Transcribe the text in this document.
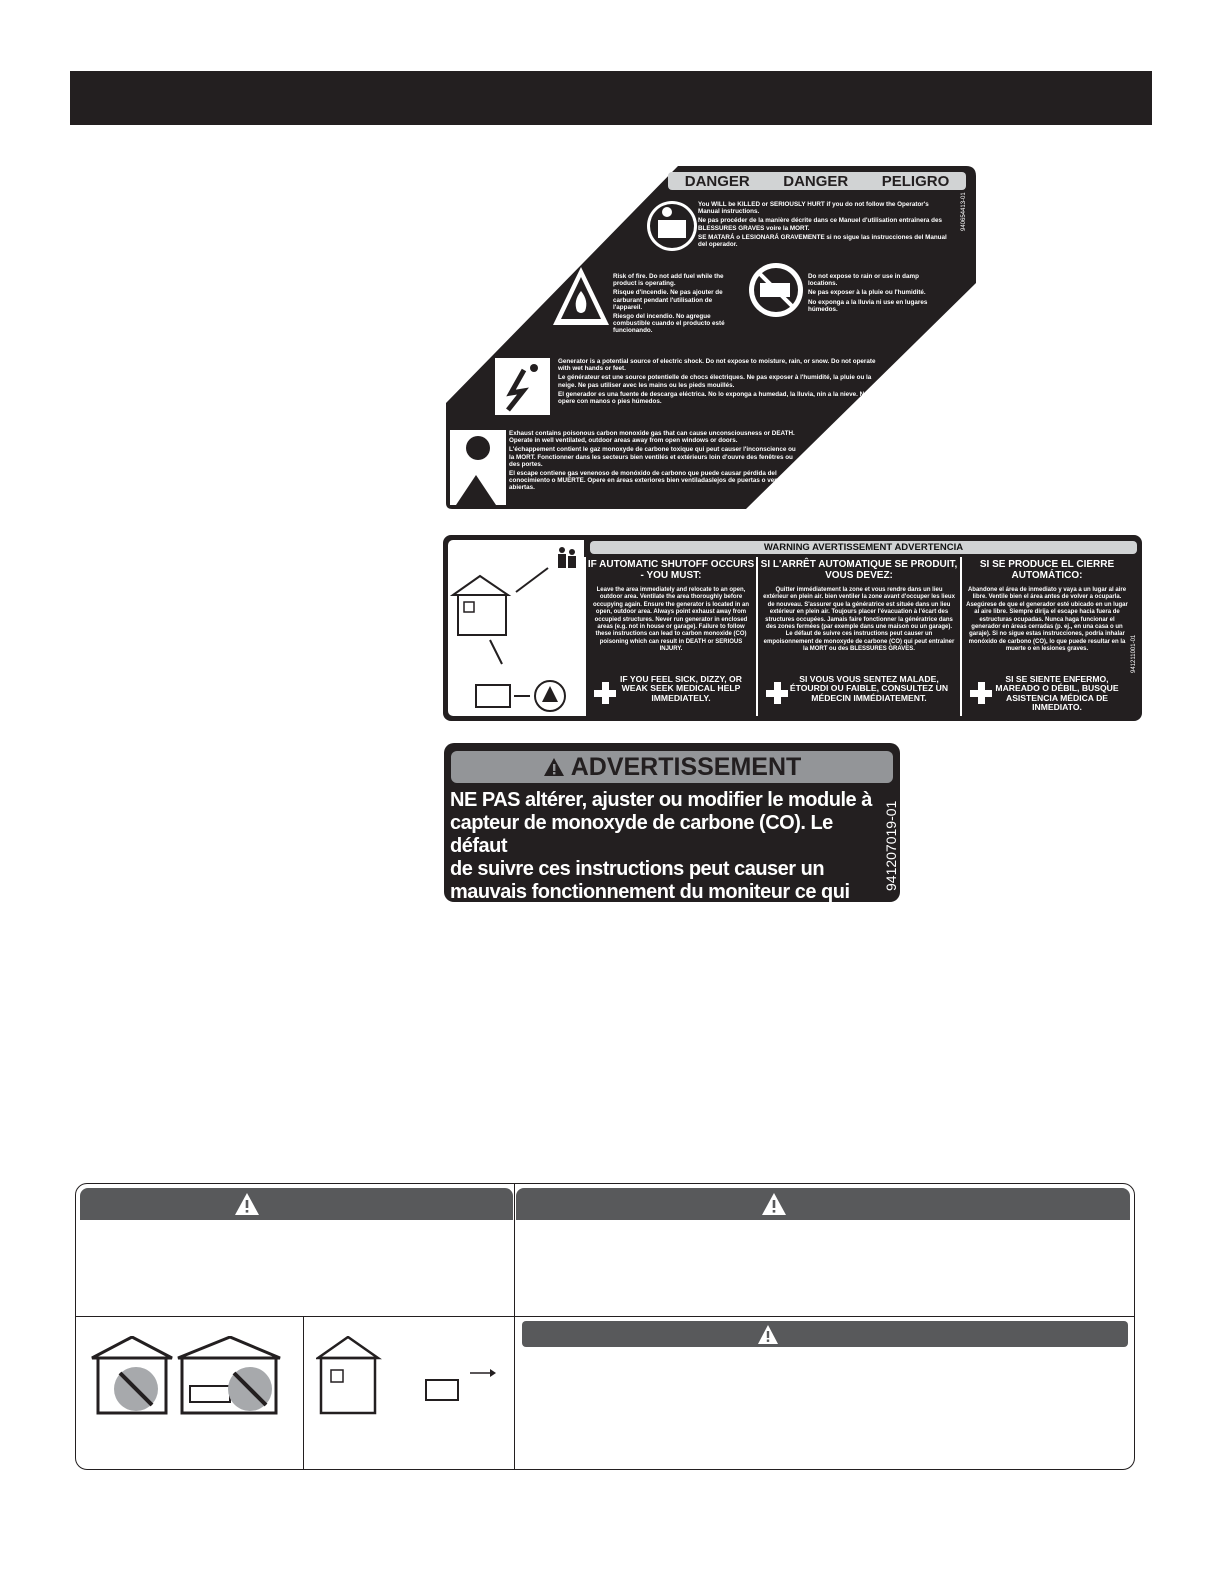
DANGER DANGER PELIGRO
940654413-01
You WILL be KILLED or SERIOUSLY HURT if you do not follow the Operator's Manual instructions.
Ne pas procéder de la manière décrite dans ce Manuel d'utilisation entraînera des BLESSURES GRAVES voire la MORT.
SE MATARÁ o LESIONARÁ GRAVEMENTE si no sigue las instrucciones del Manual del operador.
Risk of fire. Do not add fuel while the product is operating.
Risque d'incendie. Ne pas ajouter de carburant pendant l'utilisation de l'appareil.
Riesgo del incendio. No agregue combustible cuando el producto esté funcionando.
Do not expose to rain or use in damp locations.
Ne pas exposer à la pluie ou l'humidité.
No exponga a la lluvia ni use en lugares húmedos.
Generator is a potential source of electric shock. Do not expose to moisture, rain, or snow. Do not operate with wet hands or feet.
Le générateur est une source potentielle de chocs électriques. Ne pas exposer à l'humidité, la pluie ou la neige. Ne pas utiliser avec les mains ou les pieds mouillés.
El generador es una fuente de descarga eléctrica. No lo exponga a humedad, la lluvia, nin a la nieve. No opere con manos o pies húmedos.
Exhaust contains poisonous carbon monoxide gas that can cause unconsciousness or DEATH. Operate in well ventilated, outdoor areas away from open windows or doors.
L'échappement contient le gaz monoxyde de carbone toxique qui peut causer l'inconscience ou la MORT. Fonctionner dans les secteurs bien ventilés et extérieurs loin d'ouvre des fenêtres ou des portes.
El escape contiene gas venenoso de monóxido de carbono que puede causar pérdida del conocimiento o MUERTE. Opere en áreas exteriores bien ventiladaslejos de puertas o ventanas abiertas.
WARNING AVERTISSEMENT ADVERTENCIA
IF AUTOMATIC SHUTOFF OCCURS - YOU MUST:
Leave the area immediately and relocate to an open, outdoor area. Ventilate the area thoroughly before occupying again. Ensure the generator is located in an open, outdoor area. Always point exhaust away from occupied structures. Never run generator in enclosed areas (e.g. not in house or garage). Failure to follow these instructions can lead to carbon monoxide (CO) poisoning which can result in DEATH or SERIOUS INJURY.
IF YOU FEEL SICK, DIZZY, OR WEAK SEEK MEDICAL HELP IMMEDIATELY.
SI L'ARRÊT AUTOMATIQUE SE PRODUIT, VOUS DEVEZ:
Quitter immédiatement la zone et vous rendre dans un lieu extérieur en plein air. bien ventiler la zone avant d'occuper les lieux de nouveau. S'assurer que la génératrice est située dans un lieu extérieur en plein air. Toujours placer l'évacuation à l'écart des structures occupées. Jamais faire fonctionner la génératrice dans des zones fermées (par exemple dans une maison ou un garage). Le défaut de suivre ces instructions peut causer un empoisonnement de monoxyde de carbone (CO) qui peut entraîner la MORT ou des BLESSURES GRAVES.
SI VOUS VOUS SENTEZ MALADE, ÉTOURDI OU FAIBLE, CONSULTEZ UN MÉDECIN IMMÉDIATEMENT.
SI SE PRODUCE EL CIERRE AUTOMÁTICO:
Abandone el área de inmediato y vaya a un lugar al aire libre. Ventile bien el área antes de volver a ocuparla. Asegúrese de que el generador esté ubicado en un lugar al aire libre. Siempre dirija el escape hacia fuera de estructuras ocupadas. Nunca haga funcionar el generador en áreas cerradas (p. ej., en una casa o un garaje). Si no sigue estas instrucciones, podría inhalar monóxido de carbono (CO), lo que puede resultar en la muerte o en lesiones graves.
SI SE SIENTE ENFERMO, MAREADO O DÉBIL, BUSQUE ASISTENCIA MÉDICA DE INMEDIATO.
941211001-01
ADVERTISSEMENT
NE PAS altérer, ajuster ou modifier le module à
capteur de monoxyde de carbone (CO). Le défaut
de suivre ces instructions peut causer un
mauvais fonctionnement du moniteur ce qui peut
entraîner la mort ou des blessures graves.
941207019-01
